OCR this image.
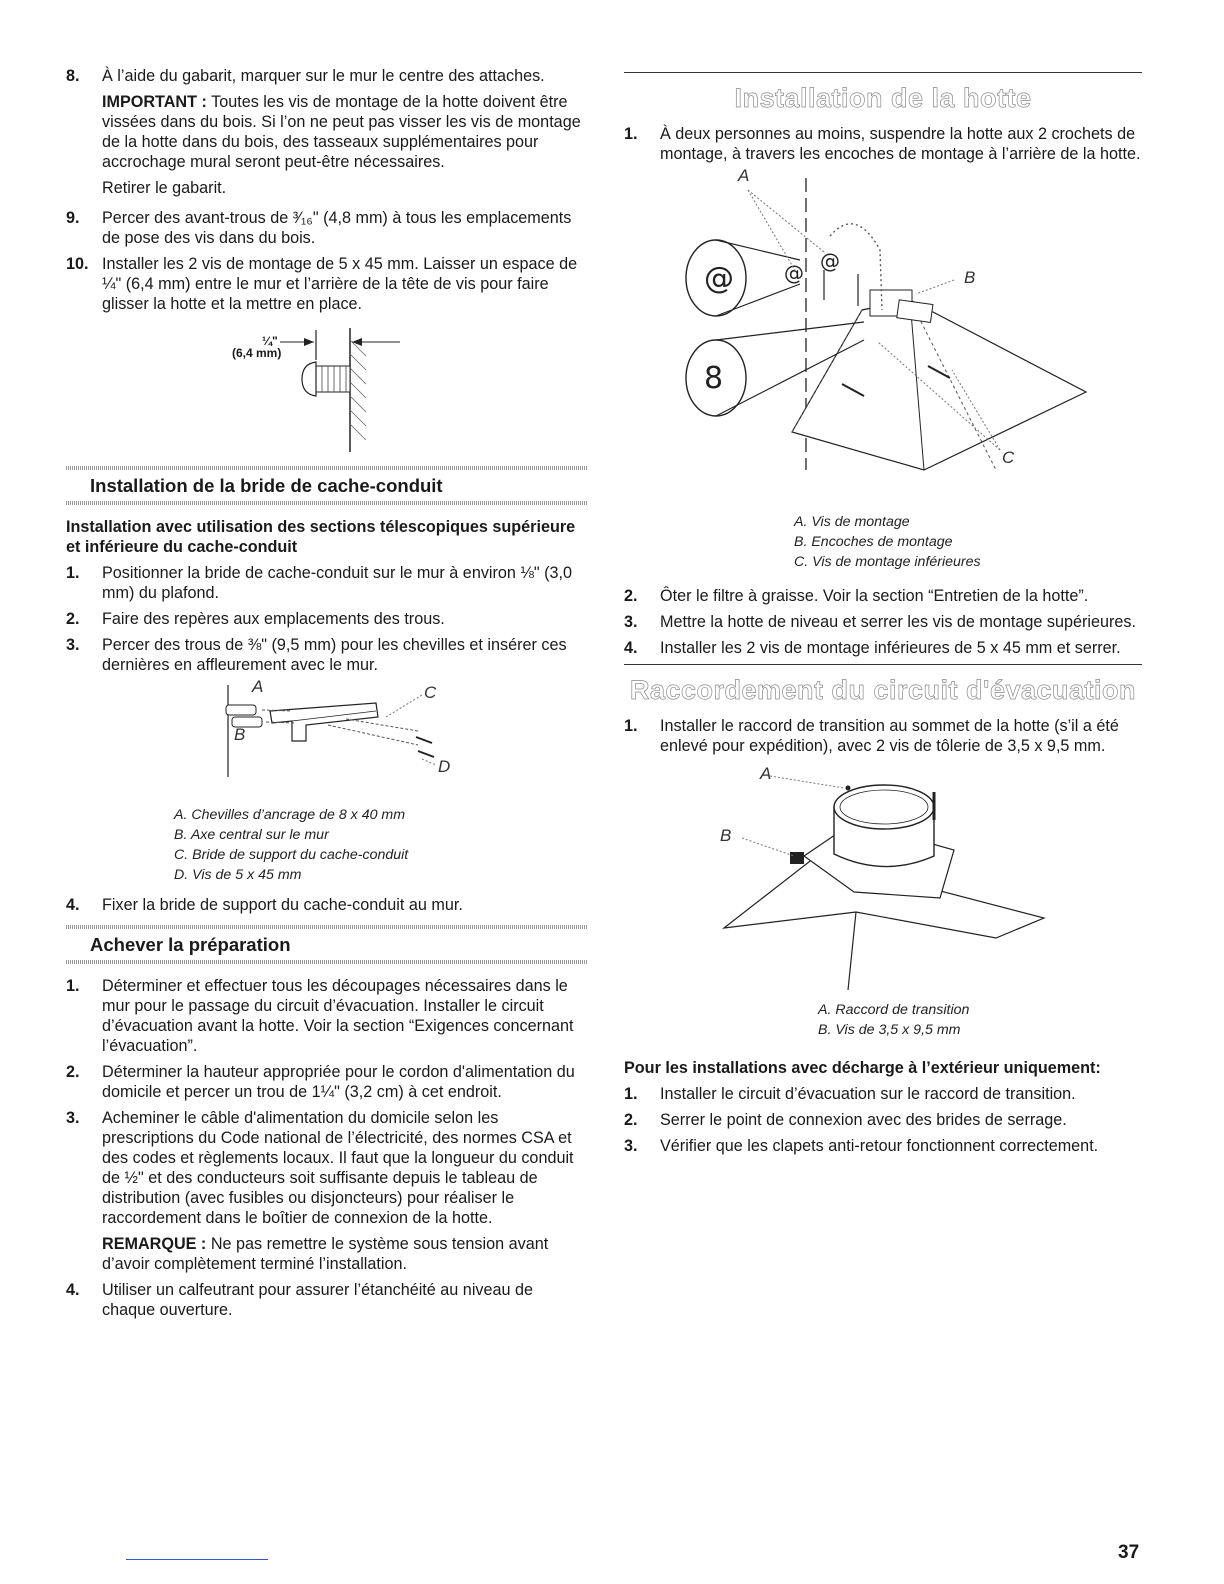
8. À l’aide du gabarit, marquer sur le mur le centre des attaches.

IMPORTANT : Toutes les vis de montage de la hotte doivent être vissées dans du bois. Si l’on ne peut pas visser les vis de montage de la hotte dans du bois, des tasseaux supplémentaires pour accrochage mural seront peut-être nécessaires.

Retirer le gabarit.

9. Percer des avant-trous de ³⁄₁₆" (4,8 mm) à tous les emplacements de pose des vis dans du bois.
10. Installer les 2 vis de montage de 5 x 45 mm. Laisser un espace de ¼" (6,4 mm) entre le mur et l’arrière de la tête de vis pour faire glisser la hotte et la mettre en place.
¼"
(6,4 mm)
Installation de la bride de cache-conduit
Installation avec utilisation des sections télescopiques supérieure et inférieure du cache-conduit
1. Positionner la bride de cache-conduit sur le mur à environ ⅛" (3,0 mm) du plafond.
2. Faire des repères aux emplacements des trous.
3. Percer des trous de ⅜" (9,5 mm) pour les chevilles et insérer ces dernières en affleurement avec le mur.
A
B
C
D
A. Chevilles d’ancrage de 8 x 40 mm
B. Axe central sur le mur
C. Bride de support du cache-conduit
D. Vis de 5 x 45 mm
4. Fixer la bride de support du cache-conduit au mur.
Achever la préparation
1. Déterminer et effectuer tous les découpages nécessaires dans le mur pour le passage du circuit d’évacuation. Installer le circuit d’évacuation avant la hotte. Voir la section “Exigences concernant l’évacuation”.
2. Déterminer la hauteur appropriée pour le cordon d'alimentation du domicile et percer un trou de 1¼" (3,2 cm) à cet endroit.
3. Acheminer le câble d'alimentation du domicile selon les prescriptions du Code national de l’électricité, des normes CSA et des codes et règlements locaux. Il faut que la longueur du conduit de ½" et des conducteurs soit suffisante depuis le tableau de distribution (avec fusibles ou disjoncteurs) pour réaliser le raccordement dans le boîtier de connexion de la hotte.

REMARQUE : Ne pas remettre le système sous tension avant d’avoir complètement terminé l’installation.

4. Utiliser un calfeutrant pour assurer l’étanchéité au niveau de chaque ouverture.
Installation de la hotte
1. À deux personnes au moins, suspendre la hotte aux 2 crochets de montage, à travers les encoches de montage à l’arrière de la hotte.
@
8
@ @
A
B
C
A. Vis de montage
B. Encoches de montage
C. Vis de montage inférieures
2. Ôter le filtre à graisse. Voir la section “Entretien de la hotte”.
3. Mettre la hotte de niveau et serrer les vis de montage supérieures.
4. Installer les 2 vis de montage inférieures de 5 x 45 mm et serrer.
Raccordement du circuit d'évacuation
1. Installer le raccord de transition au sommet de la hotte (s’il a été enlevé pour expédition), avec 2 vis de tôlerie de 3,5 x 9,5 mm.
A
B
A. Raccord de transition
B. Vis de 3,5 x 9,5 mm
Pour les installations avec décharge à l’extérieur uniquement:
1. Installer le circuit d’évacuation sur le raccord de transition.
2. Serrer le point de connexion avec des brides de serrage.
3. Vérifier que les clapets anti-retour fonctionnent correctement.
37
